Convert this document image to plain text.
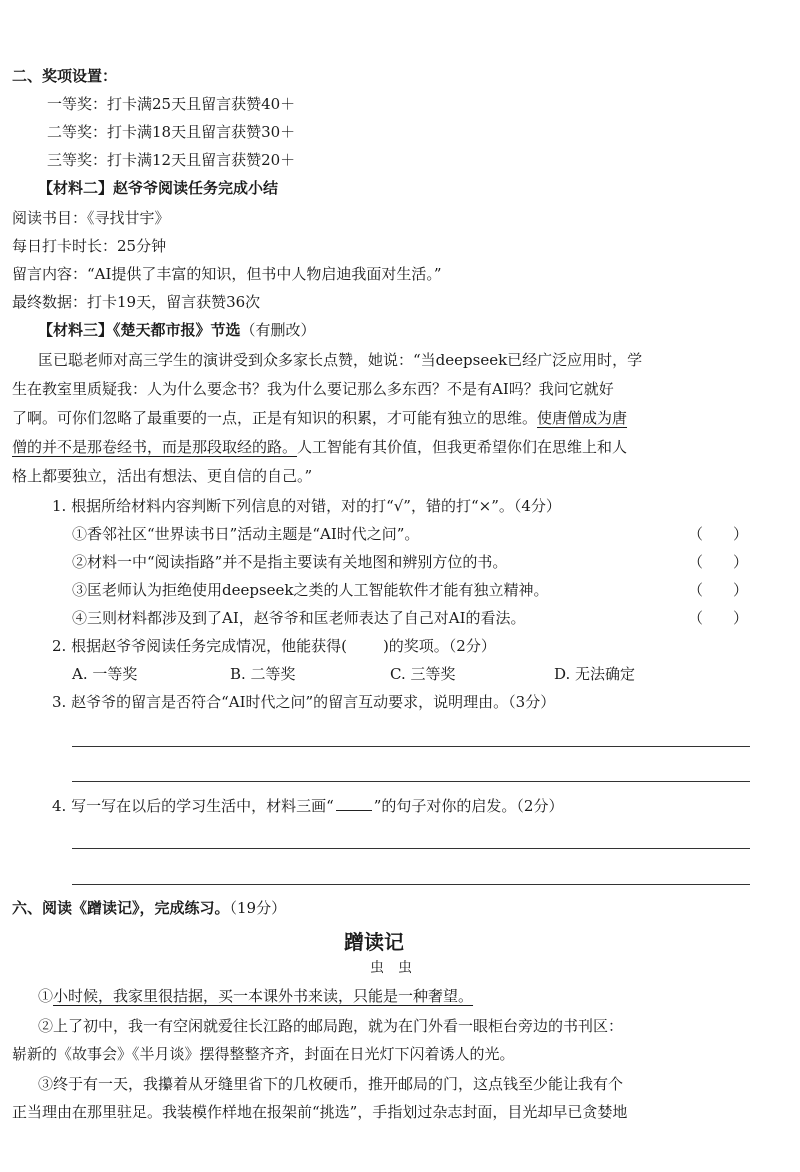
二、奖项设置：
一等奖：打卡满25天且留言获赞40＋
二等奖：打卡满18天且留言获赞30＋
三等奖：打卡满12天且留言获赞20＋
【材料二】赵爷爷阅读任务完成小结
阅读书目：《寻找甘宇》
每日打卡时长：25分钟
留言内容：“AI提供了丰富的知识，但书中人物启迪我面对生活。”
最终数据：打卡19天，留言获赞36次
【材料三】《楚天都市报》节选（有删改）
匡已聪老师对高三学生的演讲受到众多家长点赞，她说：“当deepseek已经广泛应用时，学
生在教室里质疑我：人为什么要念书？我为什么要记那么多东西？不是有AI吗？我问它就好
了啊。可你们忽略了最重要的一点，正是有知识的积累，才可能有独立的思维。使唐僧成为唐
僧的并不是那卷经书，而是那段取经的路。人工智能有其价值，但我更希望你们在思维上和人
格上都要独立，活出有想法、更自信的自己。”
1. 根据所给材料内容判断下列信息的对错，对的打“√”，错的打“×”。（4分）
①香邻社区“世界读书日”活动主题是“AI时代之问”。	（　　）
②材料一中“阅读指路”并不是指主要读有关地图和辨别方位的书。	（　　）
③匡老师认为拒绝使用deepseek之类的人工智能软件才能有独立精神。	（　　）
④三则材料都涉及到了AI，赵爷爷和匡老师表达了自己对AI的看法。	（　　）
2. 根据赵爷爷阅读任务完成情况，他能获得( )的奖项。（2分）
A. 一等奖	B. 二等奖	C. 三等奖	D. 无法确定
3. 赵爷爷的留言是否符合“AI时代之问”的留言互动要求，说明理由。（3分）
4. 写一写在以后的学习生活中，材料三画“	”的句子对你的启发。（2分）
六、阅读《蹭读记》，完成练习。（19分）
蹭读记
虫　虫
①小时候，我家里很拮据，买一本课外书来读，只能是一种奢望。
②上了初中，我一有空闲就爱往长江路的邮局跑，就为在门外看一眼柜台旁边的书刊区：
崭新的《故事会》《半月谈》摆得整整齐齐，封面在日光灯下闪着诱人的光。
③终于有一天，我攥着从牙缝里省下的几枚硬币，推开邮局的门，这点钱至少能让我有个
正当理由在那里驻足。我装模作样地在报架前“挑选”，手指划过杂志封面，目光却早已贪婪地
